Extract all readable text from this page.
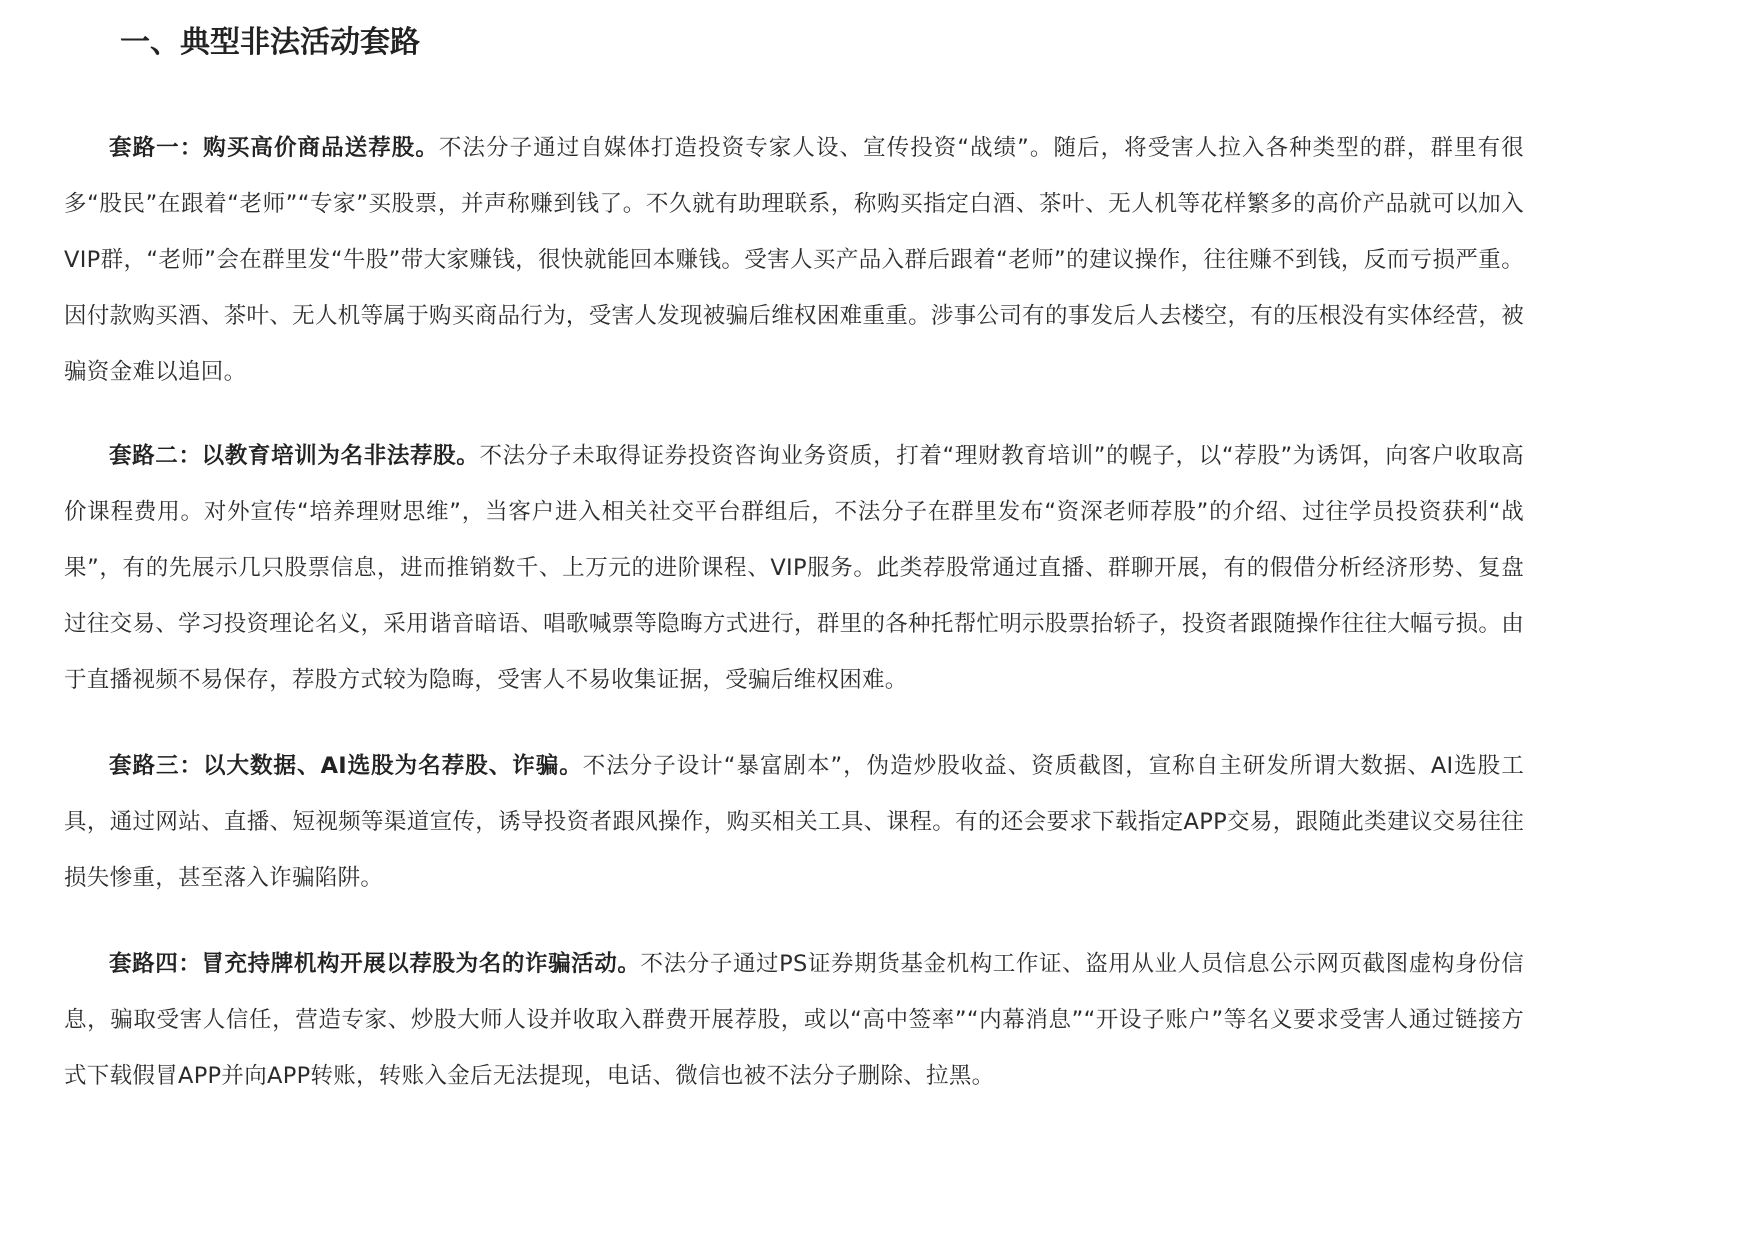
一、典型非法活动套路

套路一：购买高价商品送荐股。不法分子通过自媒体打造投资专家人设、宣传投资“战绩”。随后，将受害人拉入各种类型的群，群里有很多“股民”在跟着“老师”“专家”买股票，并声称赚到钱了。不久就有助理联系，称购买指定白酒、茶叶、无人机等花样繁多的高价产品就可以加入VIP群，“老师”会在群里发“牛股”带大家赚钱，很快就能回本赚钱。受害人买产品入群后跟着“老师”的建议操作，往往赚不到钱，反而亏损严重。因付款购买酒、茶叶、无人机等属于购买商品行为，受害人发现被骗后维权困难重重。涉事公司有的事发后人去楼空，有的压根没有实体经营，被骗资金难以追回。

套路二：以教育培训为名非法荐股。不法分子未取得证券投资咨询业务资质，打着“理财教育培训”的幌子，以“荐股”为诱饵，向客户收取高价课程费用。对外宣传“培养理财思维”，当客户进入相关社交平台群组后，不法分子在群里发布“资深老师荐股”的介绍、过往学员投资获利“战果”，有的先展示几只股票信息，进而推销数千、上万元的进阶课程、VIP服务。此类荐股常通过直播、群聊开展，有的假借分析经济形势、复盘过往交易、学习投资理论名义，采用谐音暗语、唱歌喊票等隐晦方式进行，群里的各种托帮忙明示股票抬轿子，投资者跟随操作往往大幅亏损。由于直播视频不易保存，荐股方式较为隐晦，受害人不易收集证据，受骗后维权困难。

套路三：以大数据、AI选股为名荐股、诈骗。不法分子设计“暴富剧本”，伪造炒股收益、资质截图，宣称自主研发所谓大数据、AI选股工具，通过网站、直播、短视频等渠道宣传，诱导投资者跟风操作，购买相关工具、课程。有的还会要求下载指定APP交易，跟随此类建议交易往往损失惨重，甚至落入诈骗陷阱。

套路四：冒充持牌机构开展以荐股为名的诈骗活动。不法分子通过PS证券期货基金机构工作证、盗用从业人员信息公示网页截图虚构身份信息，骗取受害人信任，营造专家、炒股大师人设并收取入群费开展荐股，或以“高中签率”“内幕消息”“开设子账户”等名义要求受害人通过链接方式下载假冒APP并向APP转账，转账入金后无法提现，电话、微信也被不法分子删除、拉黑。
